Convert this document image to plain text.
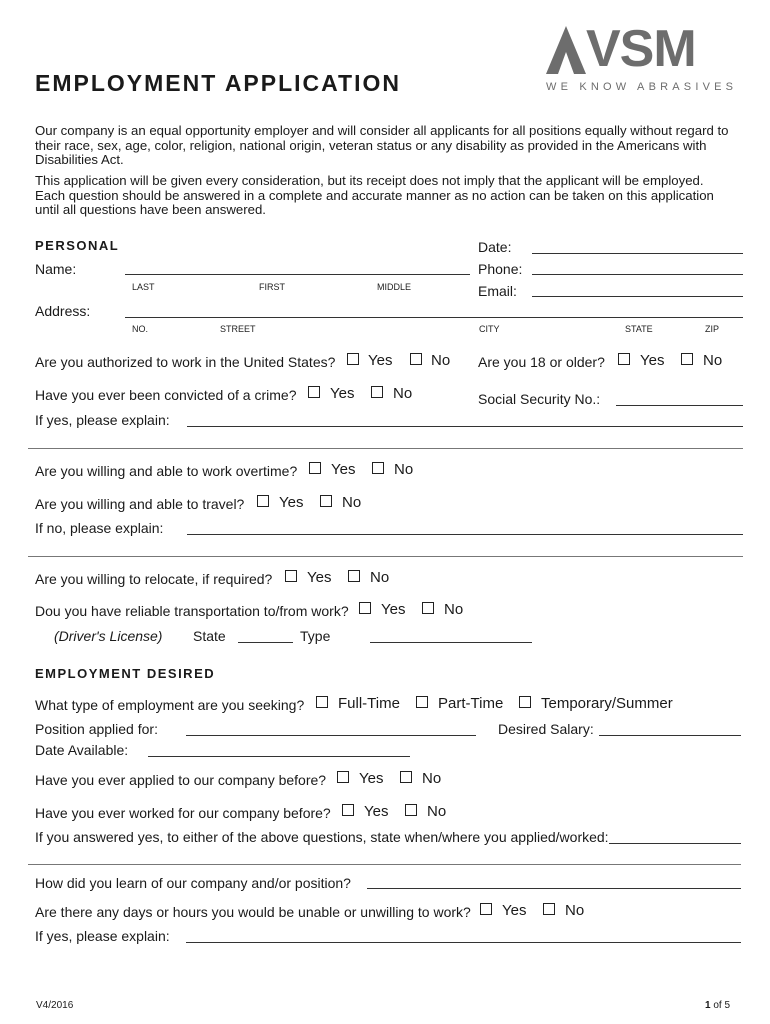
EMPLOYMENT APPLICATION
VSM
WE KNOW ABRASIVES
Our company is an equal opportunity employer and will consider all applicants for all positions equally without regard to their race, sex, age, color, religion, national origin, veteran status or any disability as provided in the Americans with Disabilities Act.
This application will be given every consideration, but its receipt does not imply that the applicant will be employed. Each question should be answered in a complete and accurate manner as no action can be taken on this application until all questions have been answered.
PERSONAL
Name:
LAST	FIRST	MIDDLE
Date:
Phone:
Email:
Address:
NO.	STREET	CITY	STATE	ZIP
Are you authorized to work in the United States? Yes	No Are you 18 or older? Yes	No
Have you ever been convicted of a crime? Yes	No	Social Security No.:
If yes, please explain:
Are you willing and able to work overtime? Yes	No
Are you willing and able to travel? Yes	No
If no, please explain:
Are you willing to relocate, if required? Yes	No
Dou you have reliable transportation to/from work? Yes	No
(Driver's License) State	Type
EMPLOYMENT DESIRED
What type of employment are you seeking? Full-Time	Part-Time	Temporary/Summer
Position applied for:	Desired Salary:
Date Available:
Have you ever applied to our company before? Yes	No
Have you ever worked for our company before? Yes	No
If you answered yes, to either of the above questions, state when/where you applied/worked:
How did you learn of our company and/or position?
Are there any days or hours you would be unable or unwilling to work? Yes	No
If yes, please explain:
V4/2016	1 of 5
